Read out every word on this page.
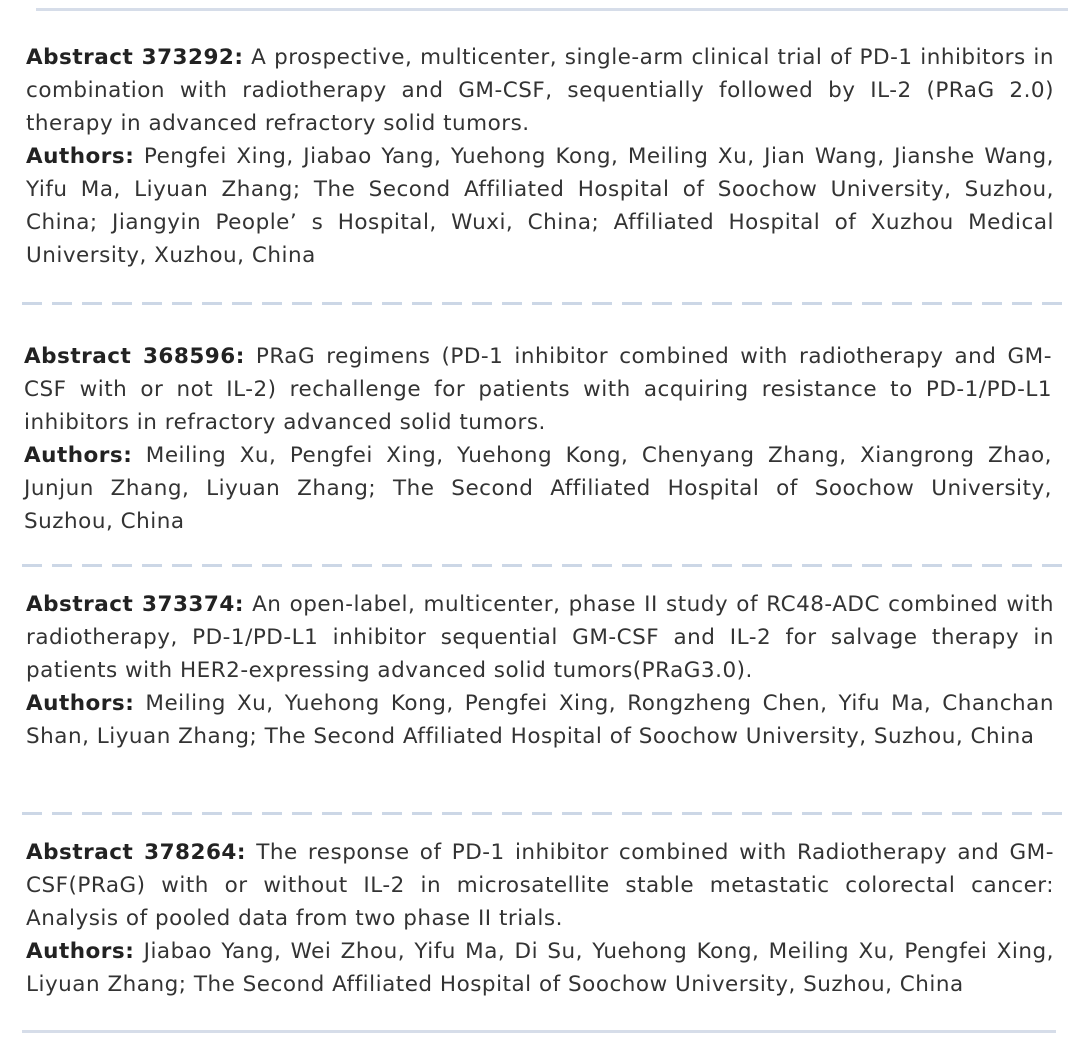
Abstract 373292: A prospective, multicenter, single-arm clinical trial of PD-1 inhibitors in combination with radiotherapy and GM-CSF, sequentially followed by IL-2 (PRaG 2.0) therapy in advanced refractory solid tumors.

Authors: Pengfei Xing, Jiabao Yang, Yuehong Kong, Meiling Xu, Jian Wang, Jianshe Wang, Yifu Ma, Liyuan Zhang; The Second Affiliated Hospital of Soochow University, Suzhou, China; Jiangyin People’ s Hospital, Wuxi, China; Affiliated Hospital of Xuzhou Medical University, Xuzhou, China

Abstract 368596: PRaG regimens (PD-1 inhibitor combined with radiotherapy and GM-CSF with or not IL-2) rechallenge for patients with acquiring resistance to PD-1/PD-L1 inhibitors in refractory advanced solid tumors.

Authors: Meiling Xu, Pengfei Xing, Yuehong Kong, Chenyang Zhang, Xiangrong Zhao, Junjun Zhang, Liyuan Zhang; The Second Affiliated Hospital of Soochow University, Suzhou, China

Abstract 373374: An open-label, multicenter, phase II study of RC48-ADC combined with radiotherapy, PD-1/PD-L1 inhibitor sequential GM-CSF and IL-2 for salvage therapy in patients with HER2-expressing advanced solid tumors(PRaG3.0).

Authors: Meiling Xu, Yuehong Kong, Pengfei Xing, Rongzheng Chen, Yifu Ma, Chanchan Shan, Liyuan Zhang; The Second Affiliated Hospital of Soochow University, Suzhou, China

Abstract 378264: The response of PD-1 inhibitor combined with Radiotherapy and GM-CSF(PRaG) with or without IL-2 in microsatellite stable metastatic colorectal cancer: Analysis of pooled data from two phase II trials.

Authors: Jiabao Yang, Wei Zhou, Yifu Ma, Di Su, Yuehong Kong, Meiling Xu, Pengfei Xing, Liyuan Zhang; The Second Affiliated Hospital of Soochow University, Suzhou, China
